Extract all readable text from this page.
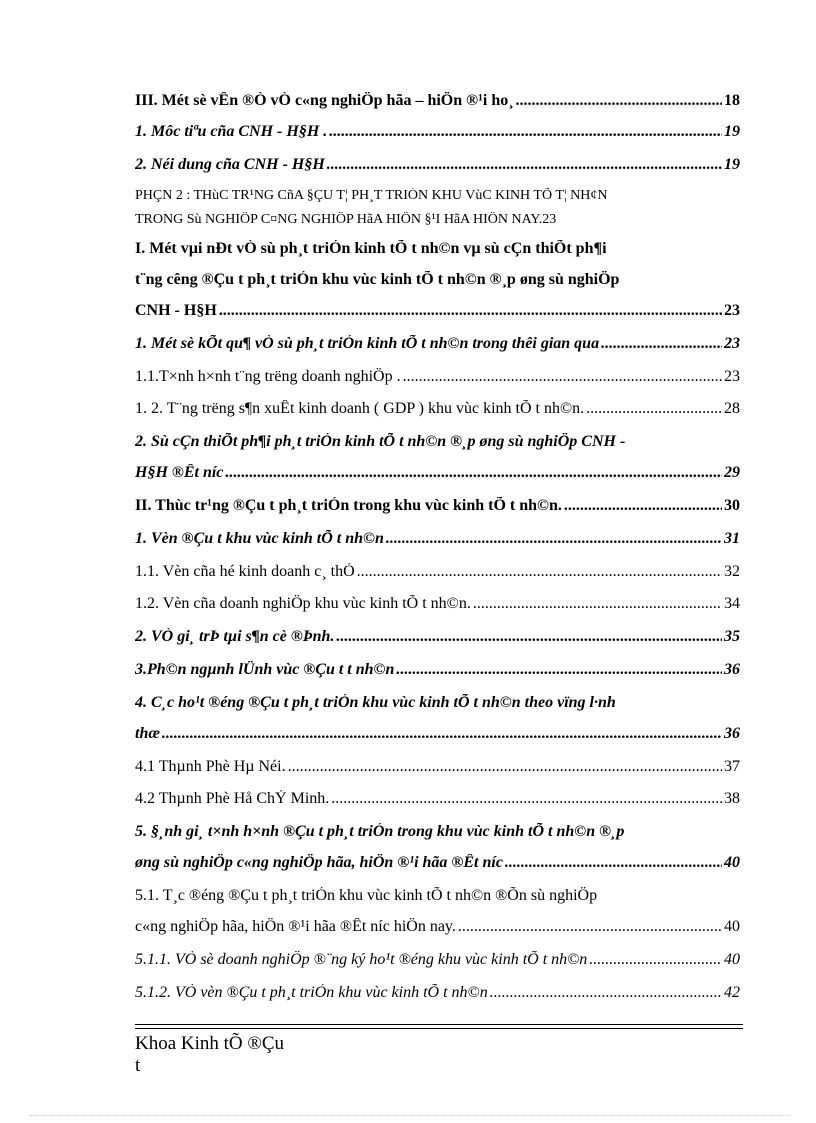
III. Mét sè vÊn ®Ò vÒ c«ng nghiÖp hãa – hiÖn ®¹i ho¸ .....	18
1. Môc tiªu cña CNH - H§H . .....	19
2. Néi dung cña CNH - H§H .....	19
PHÇN 2 : THùC TR¹NG CñA §ÇU T¦ PH¸T TRIÓN KHU VùC KINH TÕ T¦ NH¢N
TRONG Sù NGHIÖP C¤NG NGHIÖP HãA HIÖN §¹I HãA HIÖN NAY.23
I. Mét vµi nÐt vÒ sù ph¸t triÓn kinh tÕ t nh©n vµ sù cÇn thiÕt ph¶i
t¨ng cêng ®Çu t ph¸t triÓn khu vùc kinh tÕ t nh©n ®¸p øng sù nghiÖp
CNH - H§H .....	23
1. Mét sè kÕt qu¶ vÒ sù ph¸t triÓn kinh tÕ t nh©n trong thêi gian qua .....	23
1.1.T×nh h×nh t¨ng trëng doanh nghiÖp . .....	23
1. 2. T¨ng trëng s¶n xuÊt kinh doanh ( GDP ) khu vùc kinh tÕ t nh©n. .....	28
2. Sù cÇn thiÕt ph¶i ph¸t triÓn kinh tÕ t nh©n ®¸p øng sù nghiÖp CNH -
H§H ®Êt níc .....	29
II. Thùc tr¹ng ®Çu t ph¸t triÓn trong khu vùc kinh tÕ t nh©n. .....	30
1. Vèn ®Çu t khu vùc kinh tÕ t nh©n .....	31
1.1. Vèn cña hé kinh doanh c¸ thÓ .....	32
1.2. Vèn cña doanh nghiÖp khu vùc kinh tÕ t nh©n. .....	34
2. VÒ gi¸ trÞ tµi s¶n cè ®Þnh. .....	35
3.Ph©n ngµnh lÜnh vùc ®Çu t t nh©n .....	36
4. C¸c ho¹t ®éng ®Çu t ph¸t triÓn khu vùc kinh tÕ t nh©n theo vïng l·nh
thæ .....	36
4.1 Thµnh Phè Hµ Néi. .....	37
4.2 Thµnh Phè Hå ChÝ Minh. .....	38
5. §¸nh gi¸ t×nh h×nh ®Çu t ph¸t triÓn trong khu vùc kinh tÕ t nh©n ®¸p
øng sù nghiÖp c«ng nghiÖp hãa, hiÖn ®¹i hãa ®Êt níc .....	40
5.1. T¸c ®éng ®Çu t ph¸t triÓn khu vùc kinh tÕ t nh©n ®Õn sù nghiÖp
c«ng nghiÖp hãa, hiÖn ®¹i hãa ®Êt níc hiÖn nay. .....	40
5.1.1. VÒ sè doanh nghiÖp ®¨ng ký ho¹t ®éng khu vùc kinh tÕ t nh©n .....	40
5.1.2. VÒ vèn ®Çu t ph¸t triÓn khu vùc kinh tÕ t nh©n .....	42
Khoa Kinh tÕ ®Çu t
